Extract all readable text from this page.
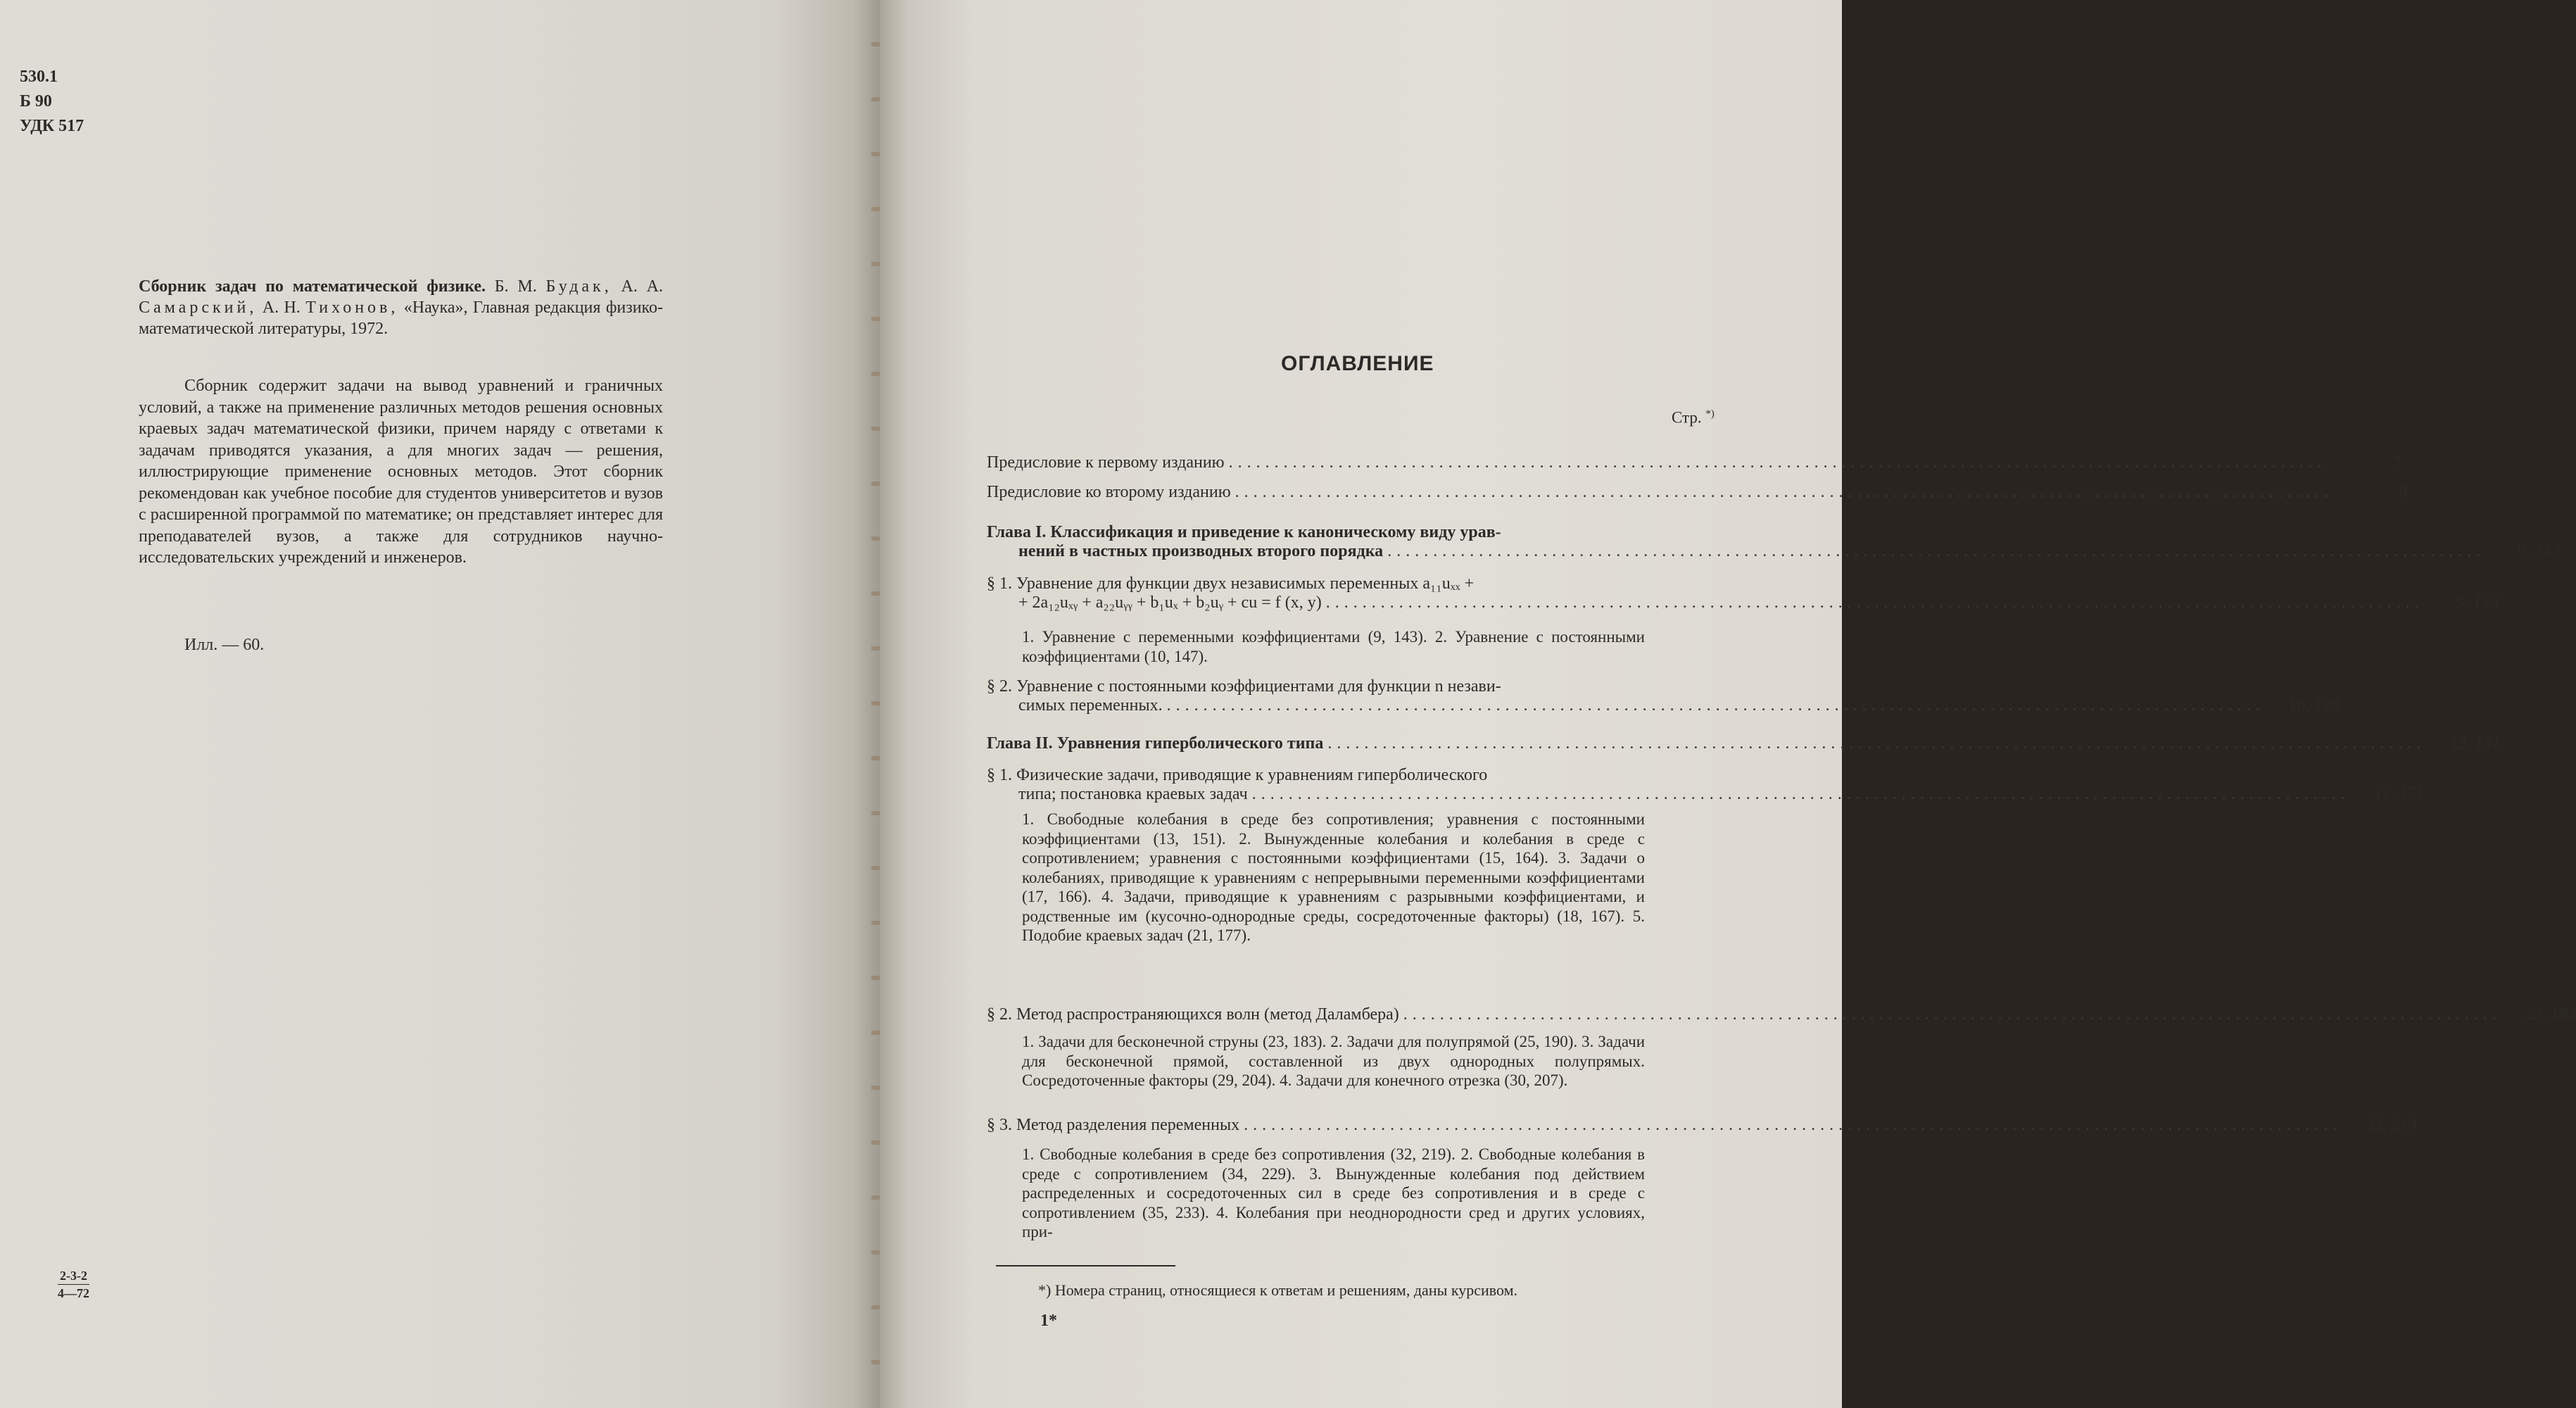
530.1
Б 90
УДК 517
Сборник задач по математической физике. Б. М. Будак, А. А. Самарский, А. Н. Тихонов, «Наука», Главная редакция физико-математической литературы, 1972.
Сборник содержит задачи на вывод уравнений и граничных условий, а также на применение различных методов решения основных краевых задач математической физики, причем наряду с ответами к задачам приводятся указания, а для многих задач — решения, иллюстрирующие применение основных методов. Этот сборник рекомендован как учебное пособие для студентов университетов и вузов с расширенной программой по математике; он представляет интерес для преподавателей вузов, а также для сотрудников научно-исследовательских учреждений и инженеров.
Илл. — 60.
2-3-2
4—72
ОГЛАВЛЕНИЕ
Стр. *)
Предисловие к первому изданию ........................................................................................................................	7
Предисловие ко второму изданию ........................................................................................................................	8
Глава I. Классификация и приведение к каноническому виду урав-
нений в частных производных второго порядка ........................................................................................................................	9, 143
§ 1. Уравнение для функции двух независимых переменных a₁₁uₓₓ +
+ 2a₁₂uₓᵧ + a₂₂uᵧᵧ + b₁uₓ + b₂uᵧ + cu = f (x, y) ........................................................................................................................	9, 143
1. Уравнение с переменными коэффициентами (9, 143). 2. Уравнение с постоянными коэффициентами (10, 147).
§ 2. Уравнение с постоянными коэффициентами для функции n незави-
симых переменных. ........................................................................................................................	10, 148
Глава II. Уравнения гиперболического типа ........................................................................................................................	12, 151
§ 1. Физические задачи, приводящие к уравнениям гиперболического
типа; постановка краевых задач ........................................................................................................................	12, 151
1. Свободные колебания в среде без сопротивления; уравнения с постоянными коэффициентами (13, 151). 2. Вынужденные колебания и колебания в среде с сопротивлением; уравнения с постоянными коэффициентами (15, 164). 3. Задачи о колебаниях, приводящие к уравнениям с непрерывными переменными коэффициентами (17, 166). 4. Задачи, приводящие к уравнениям с разрывными коэффициентами, и родственные им (кусочно-однородные среды, сосредоточенные факторы) (18, 167). 5. Подобие краевых задач (21, 177).
§ 2. Метод распространяющихся волн (метод Даламбера) ........................................................................................................................	23, 183
1. Задачи для бесконечной струны (23, 183). 2. Задачи для полупрямой (25, 190). 3. Задачи для бесконечной прямой, составленной из двух однородных полупрямых. Сосредоточенные факторы (29, 204). 4. Задачи для конечного отрезка (30, 207).
§ 3. Метод разделения переменных ........................................................................................................................	32, 219
1. Свободные колебания в среде без сопротивления (32, 219). 2. Свободные колебания в среде с сопротивлением (34, 229). 3. Вынужденные колебания под действием распределенных и сосредоточенных сил в среде без сопротивления и в среде с сопротивлением (35, 233). 4. Колебания при неоднородности сред и других условиях, при-
*) Номера страниц, относящиеся к ответам и решениям, даны курсивом.
1*
